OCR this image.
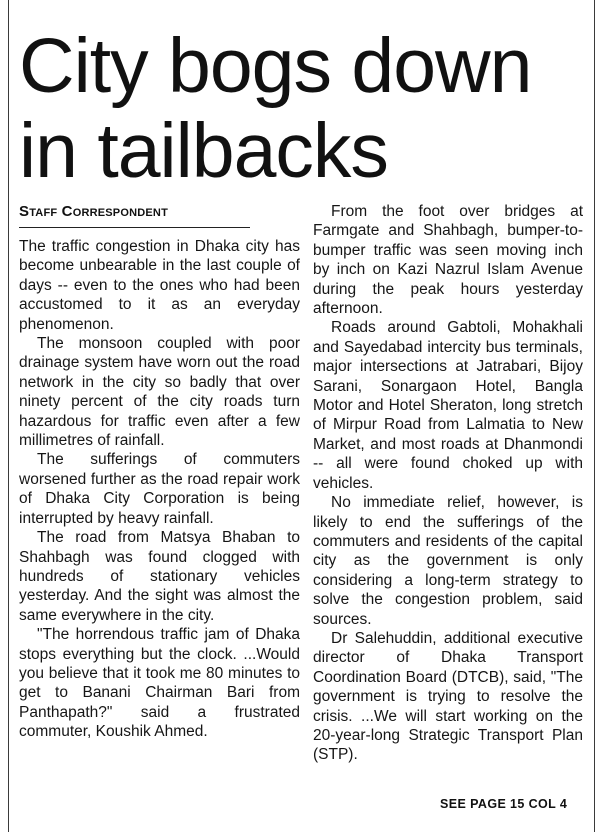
City bogs down
in tailbacks
Staff Correspondent

The traffic congestion in Dhaka city has become unbearable in the last couple of days -- even to the ones who had been accustomed to it as an everyday phenomenon.

The monsoon coupled with poor drainage system have worn out the road network in the city so badly that over ninety percent of the city roads turn hazardous for traffic even after a few millimetres of rainfall.

The sufferings of commuters worsened further as the road repair work of Dhaka City Corporation is being interrupted by heavy rainfall.

The road from Matsya Bhaban to Shahbagh was found clogged with hundreds of stationary vehicles yesterday. And the sight was almost the same everywhere in the city.

"The horrendous traffic jam of Dhaka stops everything but the clock. ...Would you believe that it took me 80 minutes to get to Banani Chairman Bari from Panthapath?" said a frustrated commuter, Koushik Ahmed.

From the foot over bridges at Farmgate and Shahbagh, bumper-to-bumper traffic was seen moving inch by inch on Kazi Nazrul Islam Avenue during the peak hours yesterday afternoon.

Roads around Gabtoli, Mohakhali and Sayedabad intercity bus terminals, major intersections at Jatrabari, Bijoy Sarani, Sonargaon Hotel, Bangla Motor and Hotel Sheraton, long stretch of Mirpur Road from Lalmatia to New Market, and most roads at Dhanmondi -- all were found choked up with vehicles.

No immediate relief, however, is likely to end the sufferings of the commuters and residents of the capital city as the government is only considering a long-term strategy to solve the congestion problem, said sources.

Dr Salehuddin, additional executive director of Dhaka Transport Coordination Board (DTCB), said, "The government is trying to resolve the crisis. ...We will start working on the 20-year-long Strategic Transport Plan (STP).

SEE PAGE 15 COL 4
